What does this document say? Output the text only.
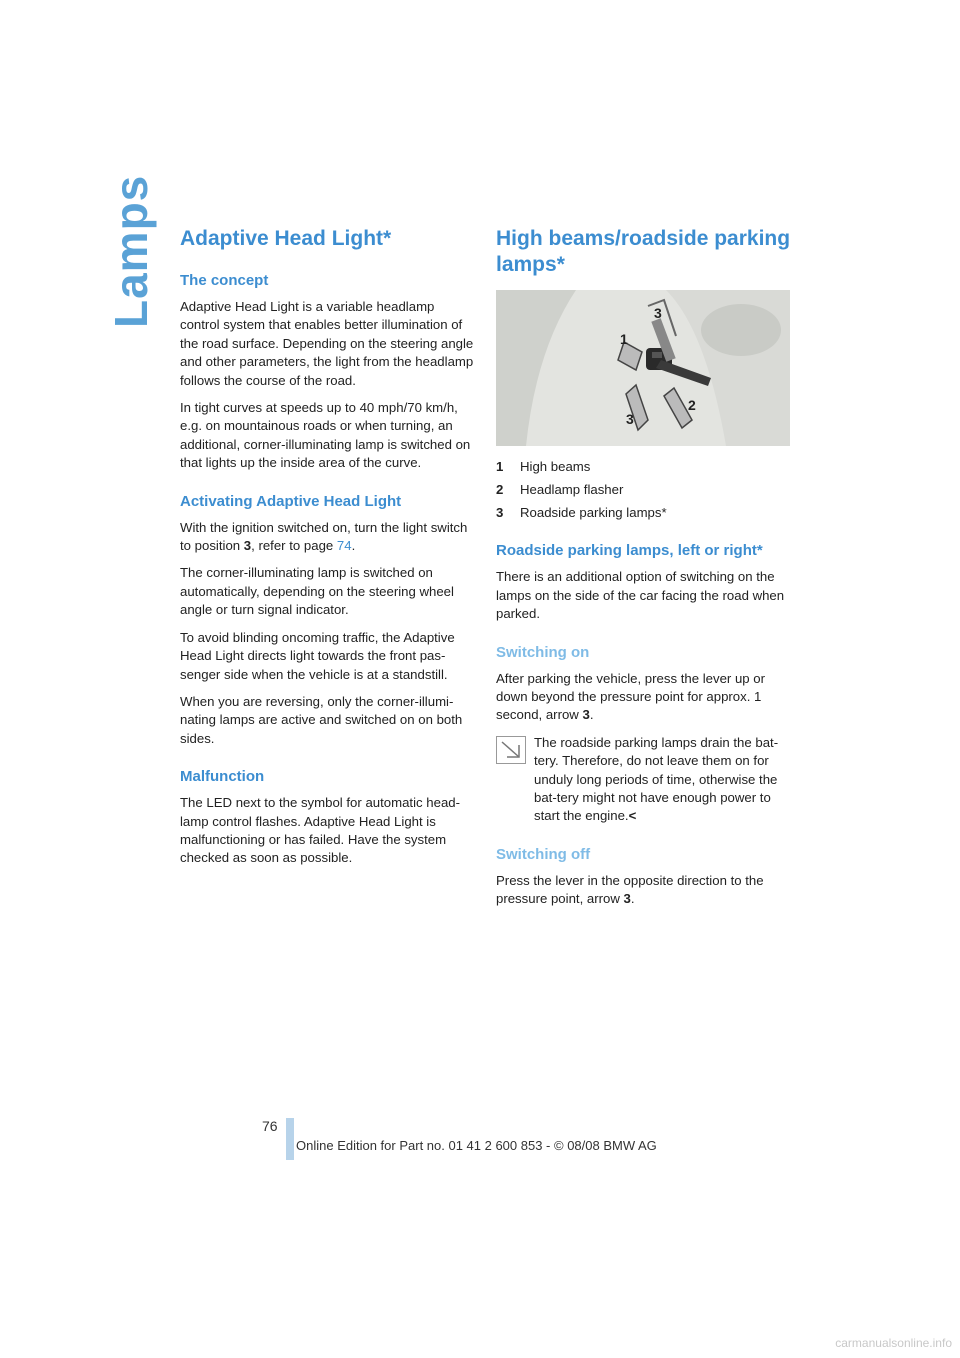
Lamps Adaptive Head Light*
The concept

Adaptive Head Light is a variable headlamp control system that enables better illumination of the road surface. Depending on the steering angle and other parameters, the light from the headlamp follows the course of the road.

In tight curves at speeds up to 40 mph/70 km/h, e.g. on mountainous roads or when turning, an additional, corner-illuminating lamp is switched on that lights up the inside area of the curve.

Activating Adaptive Head Light

With the ignition switched on, turn the light switch to position 3, refer to page 74.

The corner-illuminating lamp is switched on automatically, depending on the steering wheel angle or turn signal indicator.

To avoid blinding oncoming traffic, the Adaptive Head Light directs light towards the front pas-senger side when the vehicle is at a standstill.

When you are reversing, only the corner-illumi-nating lamps are active and switched on on both sides.

Malfunction

The LED next to the symbol for automatic head-lamp control flashes. Adaptive Head Light is malfunctioning or has failed. Have the system checked as soon as possible.

High beams/roadside parking lamps*
3
1
3
2
1	High beams
2	Headlamp flasher
3	Roadside parking lamps*
Roadside parking lamps, left or right*

There is an additional option of switching on the lamps on the side of the car facing the road when parked.

Switching on

After parking the vehicle, press the lever up or down beyond the pressure point for approx. 1 second, arrow 3.

The roadside parking lamps drain the bat-tery. Therefore, do not leave them on for unduly long periods of time, otherwise the bat-tery might not have enough power to start the engine.<

Switching off

Press the lever in the opposite direction to the pressure point, arrow 3.

76
Online Edition for Part no. 01 41 2 600 853 - © 08/08 BMW AG
carmanualsonline.info
